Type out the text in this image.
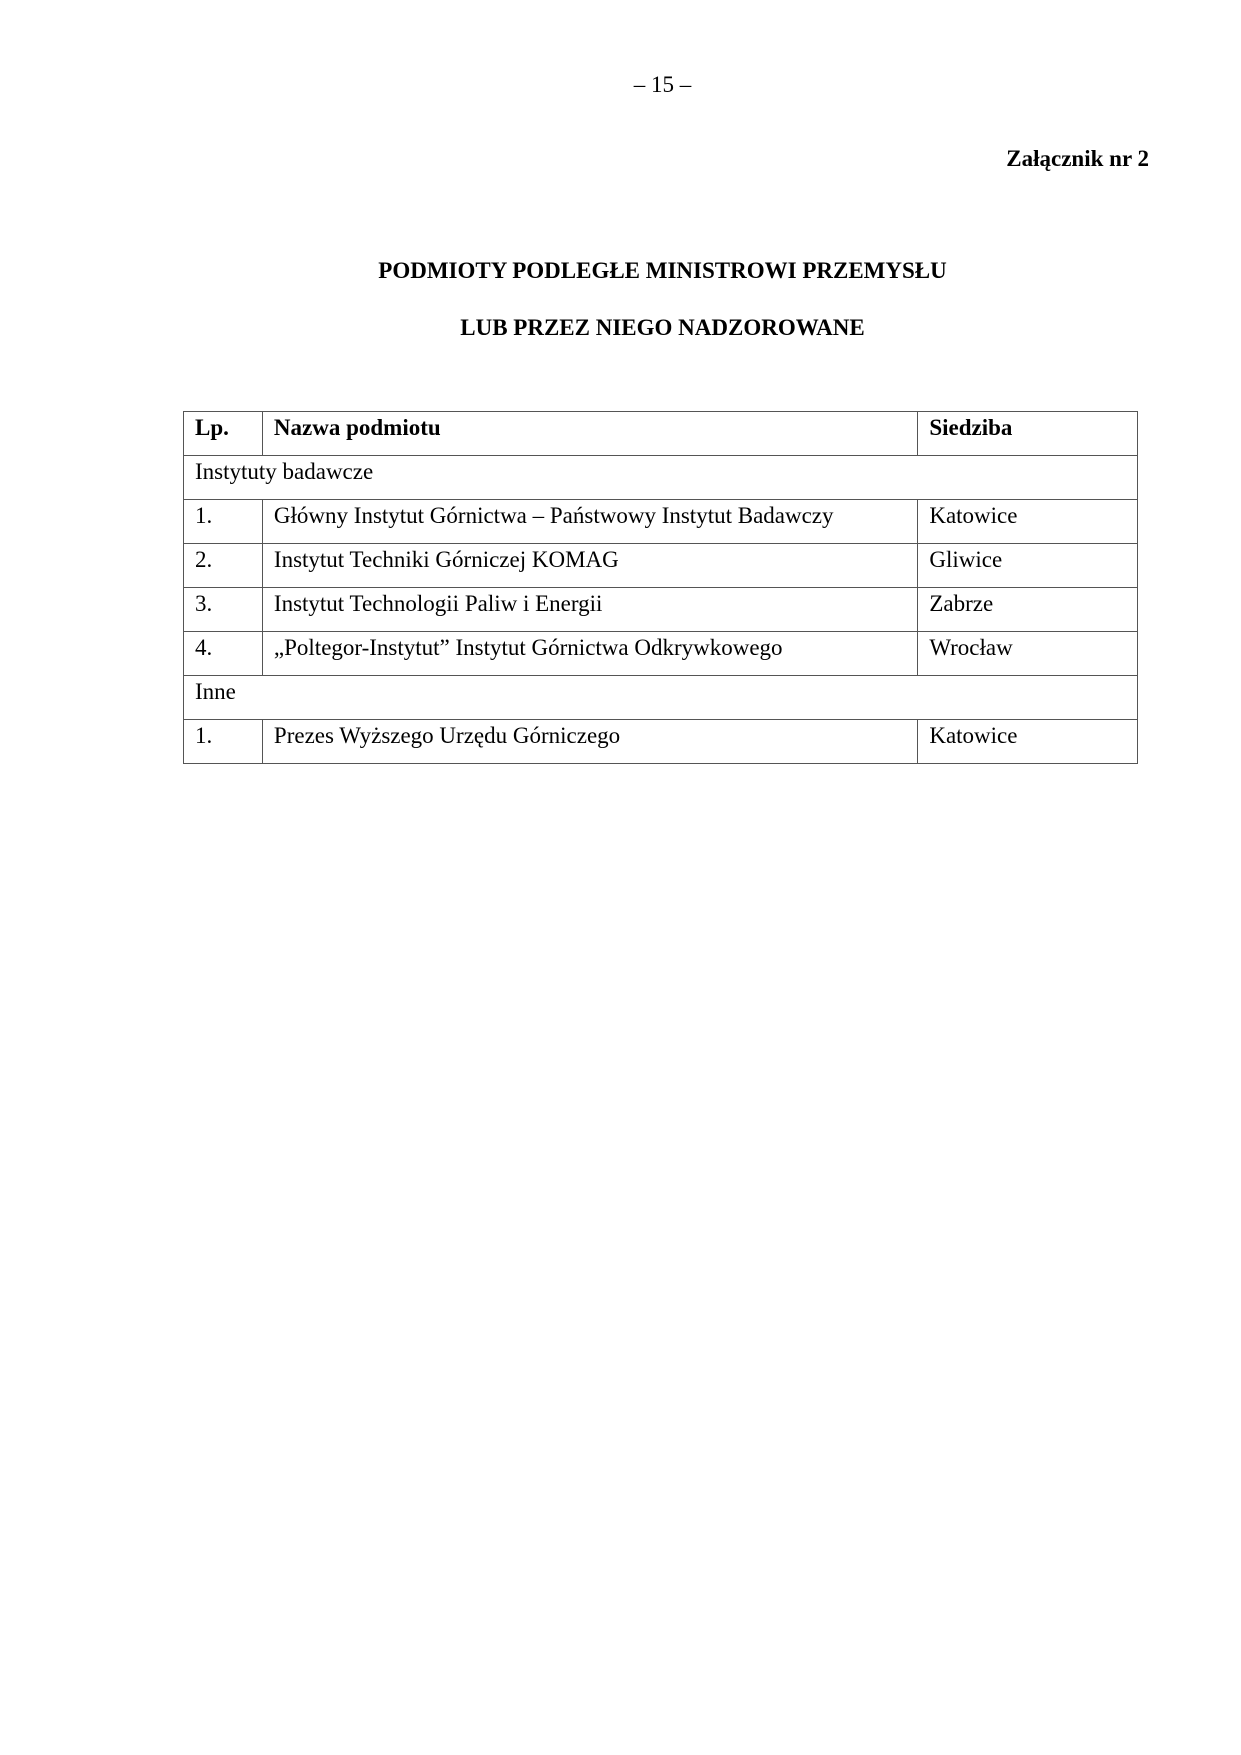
– 15 –
Załącznik nr 2
PODMIOTY PODLEGŁE MINISTROWI PRZEMYSŁU
LUB PRZEZ NIEGO NADZOROWANE
Lp.	Nazwa podmiotu	Siedziba
Instytuty badawcze		
1.	Główny Instytut Górnictwa – Państwowy Instytut Badawczy	Katowice
2.	Instytut Techniki Górniczej KOMAG	Gliwice
3.	Instytut Technologii Paliw i Energii	Zabrze
4.	„Poltegor-Instytut” Instytut Górnictwa Odkrywkowego	Wrocław
Inne		
1.	Prezes Wyższego Urzędu Górniczego	Katowice
